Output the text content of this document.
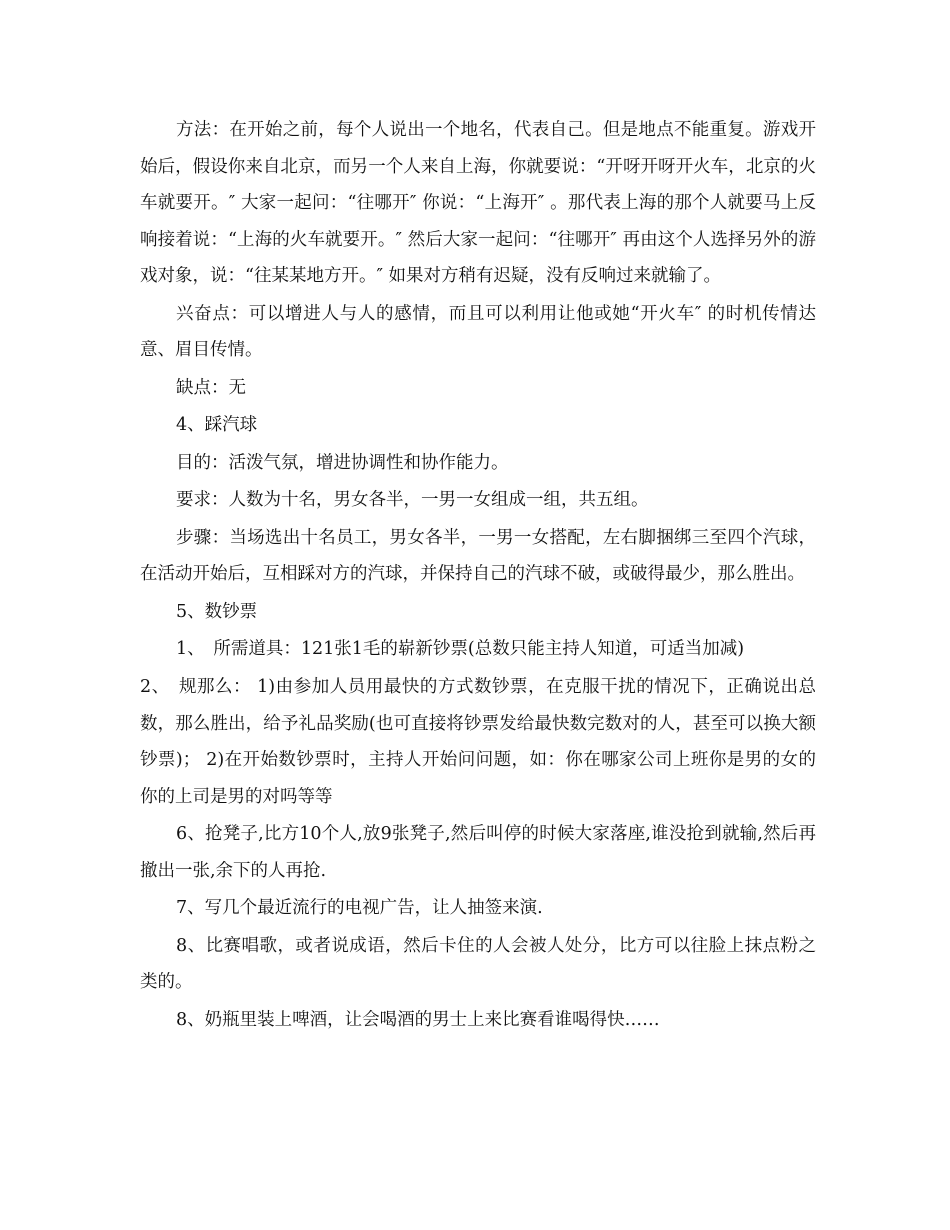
方法：在开始之前，每个人说出一个地名，代表自己。但是地点不能重复。游戏开始后，假设你来自北京，而另一个人来自上海，你就要说：“开呀开呀开火车，北京的火车就要开。″ 大家一起问：“往哪开″ 你说：“上海开″ 。那代表上海的那个人就要马上反响接着说：“上海的火车就要开。″ 然后大家一起问：“往哪开″ 再由这个人选择另外的游戏对象，说：“往某某地方开。″ 如果对方稍有迟疑，没有反响过来就输了。

兴奋点：可以增进人与人的感情，而且可以利用让他或她“开火车″ 的时机传情达意、眉目传情。

缺点：无

4、踩汽球

目的：活泼气氛，增进协调性和协作能力。

要求：人数为十名，男女各半，一男一女组成一组，共五组。

步骤：当场选出十名员工，男女各半，一男一女搭配，左右脚捆绑三至四个汽球，在活动开始后，互相踩对方的汽球，并保持自己的汽球不破，或破得最少，那么胜出。

5、数钞票

1、　所需道具：121张1毛的崭新钞票(总数只能主持人知道，可适当加减)

2、　规那么： 1)由参加人员用最快的方式数钞票，在克服干扰的情况下，正确说出总数，那么胜出，给予礼品奖励(也可直接将钞票发给最快数完数对的人，甚至可以换大额钞票)； 2)在开始数钞票时，主持人开始问问题，如：你在哪家公司上班你是男的女的你的上司是男的对吗等等

6、抢凳子,比方10个人,放9张凳子,然后叫停的时候大家落座,谁没抢到就输,然后再撤出一张,余下的人再抢.

7、写几个最近流行的电视广告，让人抽签来演.

8、比赛唱歌，或者说成语，然后卡住的人会被人处分，比方可以往脸上抹点粉之类的。

8、奶瓶里装上啤酒，让会喝酒的男士上来比赛看谁喝得快……
